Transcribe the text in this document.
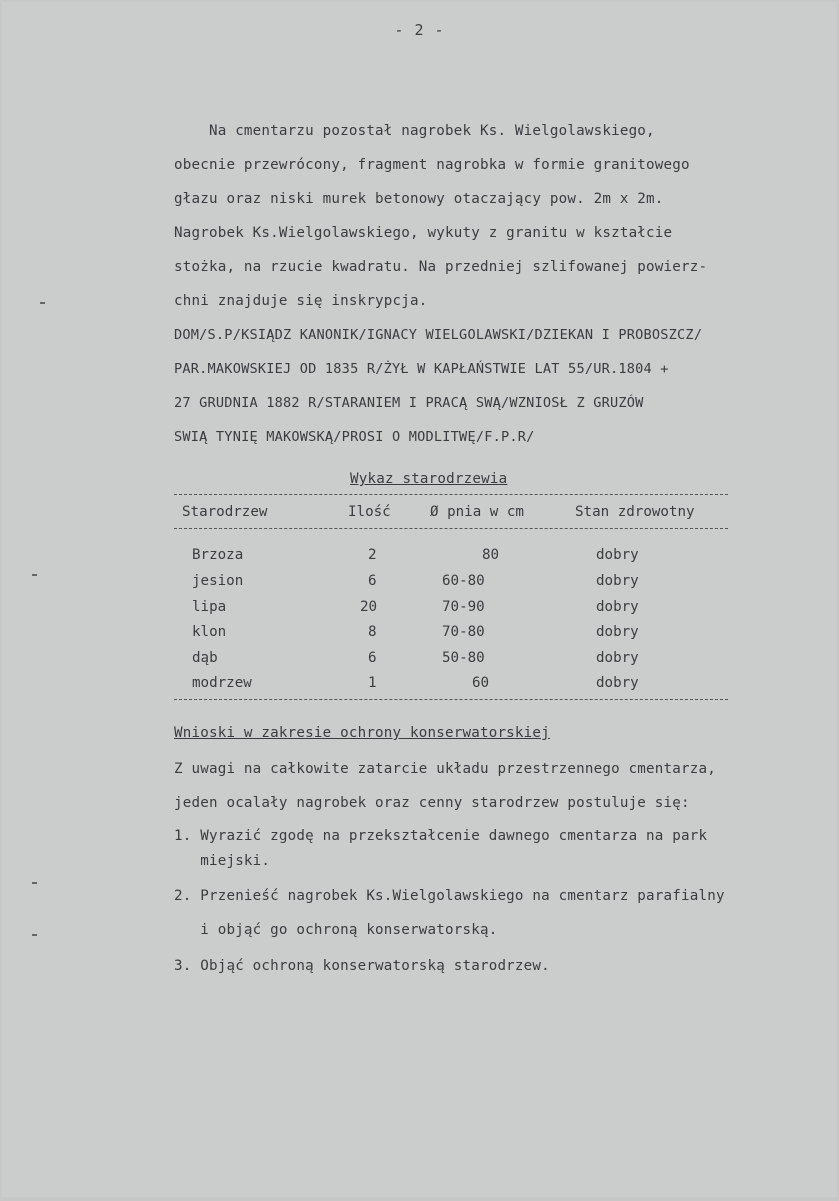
- 2 -
Na cmentarzu pozostał nagrobek Ks. Wielgolawskiego,
obecnie przewrócony, fragment nagrobka w formie granitowego
głazu oraz niski murek betonowy otaczający pow. 2m x 2m.
Nagrobek Ks.Wielgolawskiego, wykuty z granitu w kształcie
stożka, na rzucie kwadratu. Na przedniej szlifowanej powierz-
chni znajduje się inskrypcja.
DOM/S.P/KSIĄDZ KANONIK/IGNACY WIELGOLAWSKI/DZIEKAN I PROBOSZCZ/
PAR.MAKOWSKIEJ OD 1835 R/ŻYŁ W KAPŁAŃSTWIE LAT 55/UR.1804 +
27 GRUDNIA 1882 R/STARANIEM I PRACĄ SWĄ/WZNIOSŁ Z GRUZÓW
SWIĄ TYNIĘ MAKOWSKĄ/PROSI O MODLITWĘ/F.P.R/
Wykaz starodrzewia
Starodrzew	Ilość	Ø pnia w cm	Stan zdrowotny
Brzoza	2	80	dobry
jesion	6	60-80	dobry
lipa	20	70-90	dobry
klon	8	70-80	dobry
dąb	6	50-80	dobry
modrzew	1	60	dobry
Wnioski w zakresie ochrony konserwatorskiej
Z uwagi na całkowite zatarcie układu przestrzennego cmentarza,
jeden ocalały nagrobek oraz cenny starodrzew postuluje się:
1. Wyrazić zgodę na przekształcenie dawnego cmentarza na park
miejski.
2. Przenieść nagrobek Ks.Wielgolawskiego na cmentarz parafialny
i objąć go ochroną konserwatorską.
3. Objąć ochroną konserwatorską starodrzew.
